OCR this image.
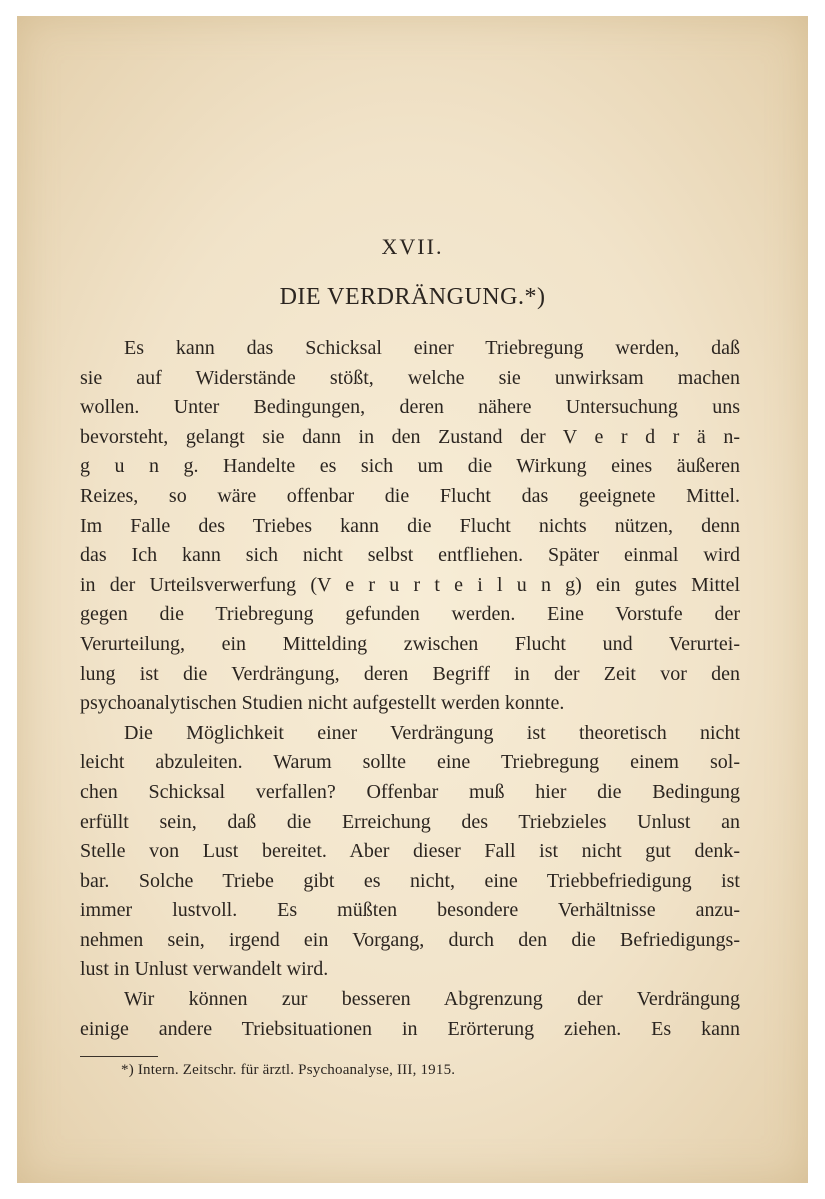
XVII.
DIE VERDRÄNGUNG.*)
Es kann das Schicksal einer Triebregung werden, daß
sie auf Widerstände stößt, welche sie unwirksam machen
wollen. Unter Bedingungen, deren nähere Untersuchung uns
bevorsteht, gelangt sie dann in den Zustand der V e r d r ä n-
g u n g. Handelte es sich um die Wirkung eines äußeren
Reizes, so wäre offenbar die Flucht das geeignete Mittel.
Im Falle des Triebes kann die Flucht nichts nützen, denn
das Ich kann sich nicht selbst entfliehen. Später einmal wird
in der Urteilsverwerfung (V e r u r t e i l u n g) ein gutes Mittel
gegen die Triebregung gefunden werden. Eine Vorstufe der
Verurteilung, ein Mittelding zwischen Flucht und Verurtei-
lung ist die Verdrängung, deren Begriff in der Zeit vor den
psychoanalytischen Studien nicht aufgestellt werden konnte.
Die Möglichkeit einer Verdrängung ist theoretisch nicht
leicht abzuleiten. Warum sollte eine Triebregung einem sol-
chen Schicksal verfallen? Offenbar muß hier die Bedingung
erfüllt sein, daß die Erreichung des Triebzieles Unlust an
Stelle von Lust bereitet. Aber dieser Fall ist nicht gut denk-
bar. Solche Triebe gibt es nicht, eine Triebbefriedigung ist
immer lustvoll. Es müßten besondere Verhältnisse anzu-
nehmen sein, irgend ein Vorgang, durch den die Befriedigungs-
lust in Unlust verwandelt wird.
Wir können zur besseren Abgrenzung der Verdrängung
einige andere Triebsituationen in Erörterung ziehen. Es kann
*) Intern. Zeitschr. für ärztl. Psychoanalyse, III, 1915.
